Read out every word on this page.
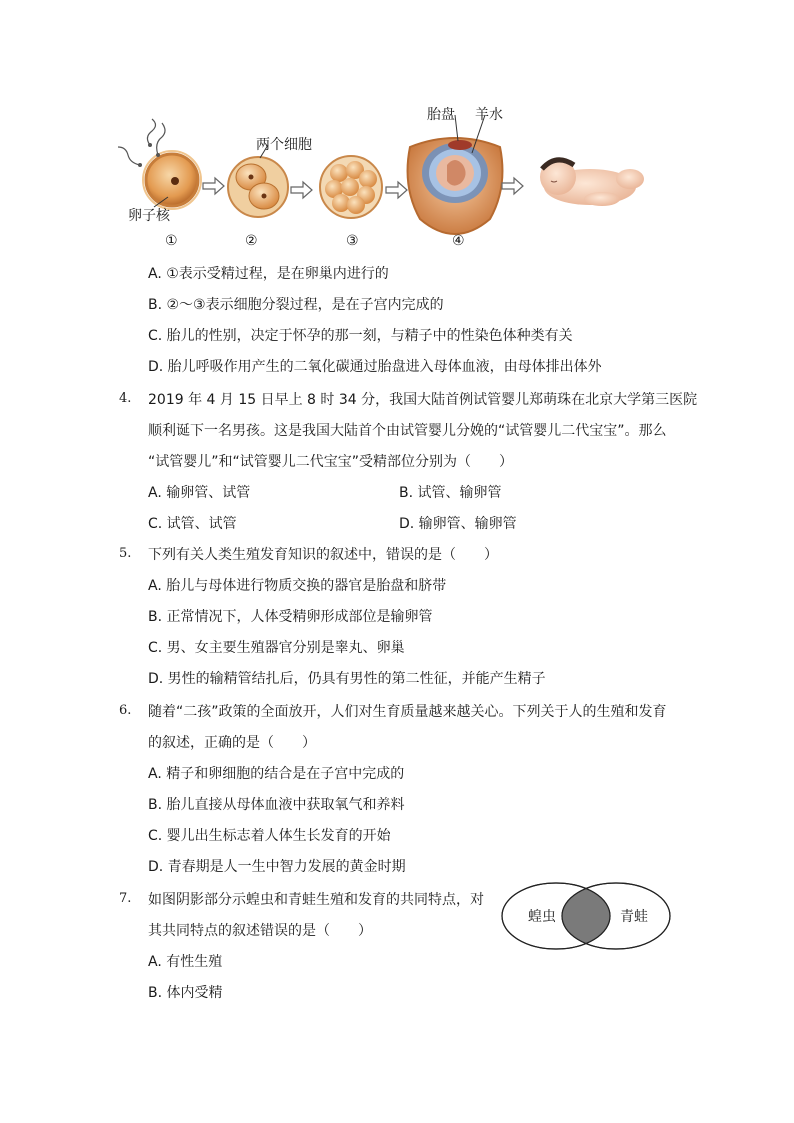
胎盘 羊水
两个细胞
卵子核
①	②	③	④
A. ①表示受精过程，是在卵巢内进行的
B. ②～③表示细胞分裂过程，是在子宫内完成的
C. 胎儿的性别，决定于怀孕的那一刻，与精子中的性染色体种类有关
D. 胎儿呼吸作用产生的二氧化碳通过胎盘进入母体血液，由母体排出体外
4. 2019 年 4 月 15 日早上 8 时 34 分，我国大陆首例试管婴儿郑萌珠在北京大学第三医院
顺利诞下一名男孩。这是我国大陆首个由试管婴儿分娩的“试管婴儿二代宝宝”。那么
“试管婴儿”和“试管婴儿二代宝宝”受精部位分别为（　　）
A. 输卵管、试管	B. 试管、输卵管
C. 试管、试管	D. 输卵管、输卵管
5. 下列有关人类生殖发育知识的叙述中，错误的是（　　）
A. 胎儿与母体进行物质交换的器官是胎盘和脐带
B. 正常情况下，人体受精卵形成部位是输卵管
C. 男、女主要生殖器官分别是睾丸、卵巢
D. 男性的输精管结扎后，仍具有男性的第二性征，并能产生精子
6. 随着“二孩”政策的全面放开，人们对生育质量越来越关心。下列关于人的生殖和发育
的叙述，正确的是（　　）
A. 精子和卵细胞的结合是在子宫中完成的
B. 胎儿直接从母体血液中获取氧气和养料
C. 婴儿出生标志着人体生长发育的开始
D. 青春期是人一生中智力发展的黄金时期
7. 如图阴影部分示蝗虫和青蛙生殖和发育的共同特点，对
其共同特点的叙述错误的是（　　）
A. 有性生殖
B. 体内受精
蝗虫	青蛙
